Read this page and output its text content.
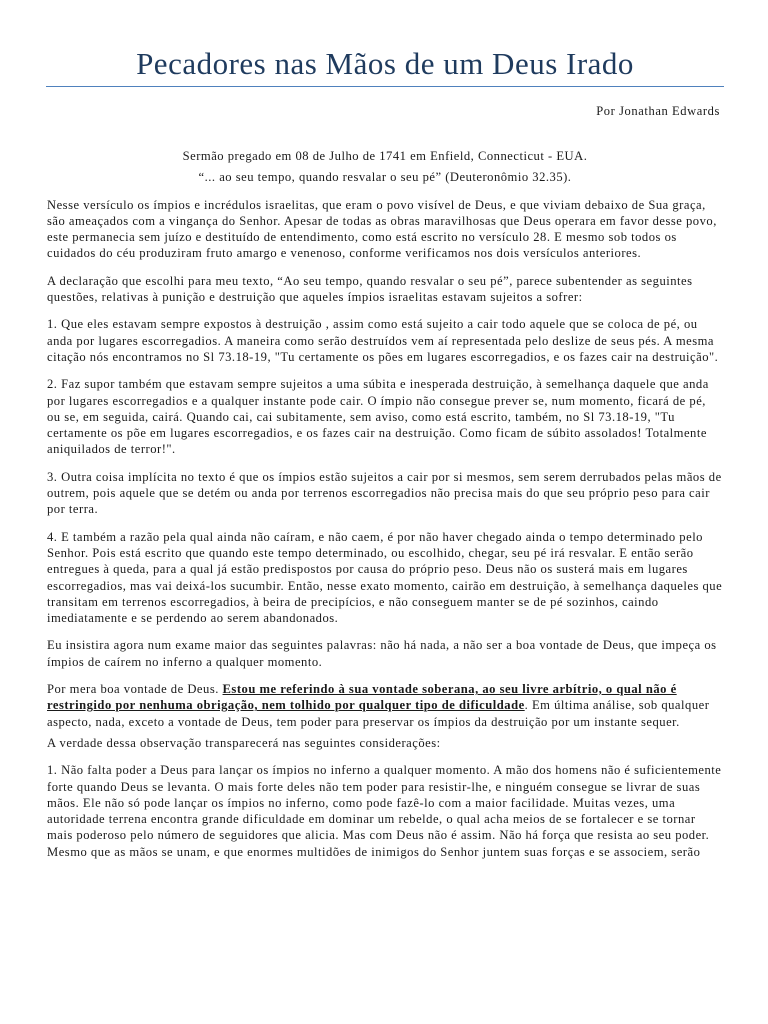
Pecadores nas Mãos de um Deus Irado
Por Jonathan Edwards

Sermão pregado em 08 de Julho de 1741 em Enfield, Connecticut - EUA.

“... ao seu tempo, quando resvalar o seu pé” (Deuteronômio 32.35).

Nesse versículo os ímpios e incrédulos israelitas, que eram o povo visível de Deus, e que viviam debaixo de Sua graça, são ameaçados com a vingança do Senhor. Apesar de todas as obras maravilhosas que Deus operara em favor desse povo, este permanecia sem juízo e destituído de entendimento, como está escrito no versículo 28. E mesmo sob todos os cuidados do céu produziram fruto amargo e venenoso, conforme verificamos nos dois versículos anteriores.

A declaração que escolhi para meu texto, “Ao seu tempo, quando resvalar o seu pé”, parece subentender as seguintes questões, relativas à punição e destruição que aqueles ímpios israelitas estavam sujeitos a sofrer:

1. Que eles estavam sempre expostos à destruição , assim como está sujeito a cair todo aquele que se coloca de pé, ou anda por lugares escorregadios. A maneira como serão destruídos vem aí representada pelo deslize de seus pés. A mesma citação nós encontramos no Sl 73.18-19, "Tu certamente os pões em lugares escorregadios, e os fazes cair na destruição".

2. Faz supor também que estavam sempre sujeitos a uma súbita e inesperada destruição, à semelhança daquele que anda por lugares escorregadios e a qualquer instante pode cair. O ímpio não consegue prever se, num momento, ficará de pé, ou se, em seguida, cairá. Quando cai, cai subitamente, sem aviso, como está escrito, também, no Sl 73.18-19, "Tu certamente os põe em lugares escorregadios, e os fazes cair na destruição. Como ficam de súbito assolados! Totalmente aniquilados de terror!".

3. Outra coisa implícita no texto é que os ímpios estão sujeitos a cair por si mesmos, sem serem derrubados pelas mãos de outrem, pois aquele que se detém ou anda por terrenos escorregadios não precisa mais do que seu próprio peso para cair por terra.

4. E também a razão pela qual ainda não caíram, e não caem, é por não haver chegado ainda o tempo determinado pelo Senhor. Pois está escrito que quando este tempo determinado, ou escolhido, chegar, seu pé irá resvalar. E então serão entregues à queda, para a qual já estão predispostos por causa do próprio peso. Deus não os susterá mais em lugares escorregadios, mas vai deixá-los sucumbir. Então, nesse exato momento, cairão em destruição, à semelhança daqueles que transitam em terrenos escorregadios, à beira de precipícios, e não conseguem manter se de pé sozinhos, caindo imediatamente e se perdendo ao serem abandonados.

Eu insistira agora num exame maior das seguintes palavras: não há nada, a não ser a boa vontade de Deus, que impeça os ímpios de caírem no inferno a qualquer momento.

Por mera boa vontade de Deus. Estou me referindo à sua vontade soberana, ao seu livre arbítrio, o qual não é restringido por nenhuma obrigação, nem tolhido por qualquer tipo de dificuldade. Em última análise, sob qualquer aspecto, nada, exceto a vontade de Deus, tem poder para preservar os ímpios da destruição por um instante sequer.

A verdade dessa observação transparecerá nas seguintes considerações:

1. Não falta poder a Deus para lançar os ímpios no inferno a qualquer momento. A mão dos homens não é suficientemente forte quando Deus se levanta. O mais forte deles não tem poder para resistir-lhe, e ninguém consegue se livrar de suas mãos. Ele não só pode lançar os ímpios no inferno, como pode fazê-lo com a maior facilidade. Muitas vezes, uma autoridade terrena encontra grande dificuldade em dominar um rebelde, o qual acha meios de se fortalecer e se tornar mais poderoso pelo número de seguidores que alicia. Mas com Deus não é assim. Não há força que resista ao seu poder. Mesmo que as mãos se unam, e que enormes multidões de inimigos do Senhor juntem suas forças e se associem, serão
